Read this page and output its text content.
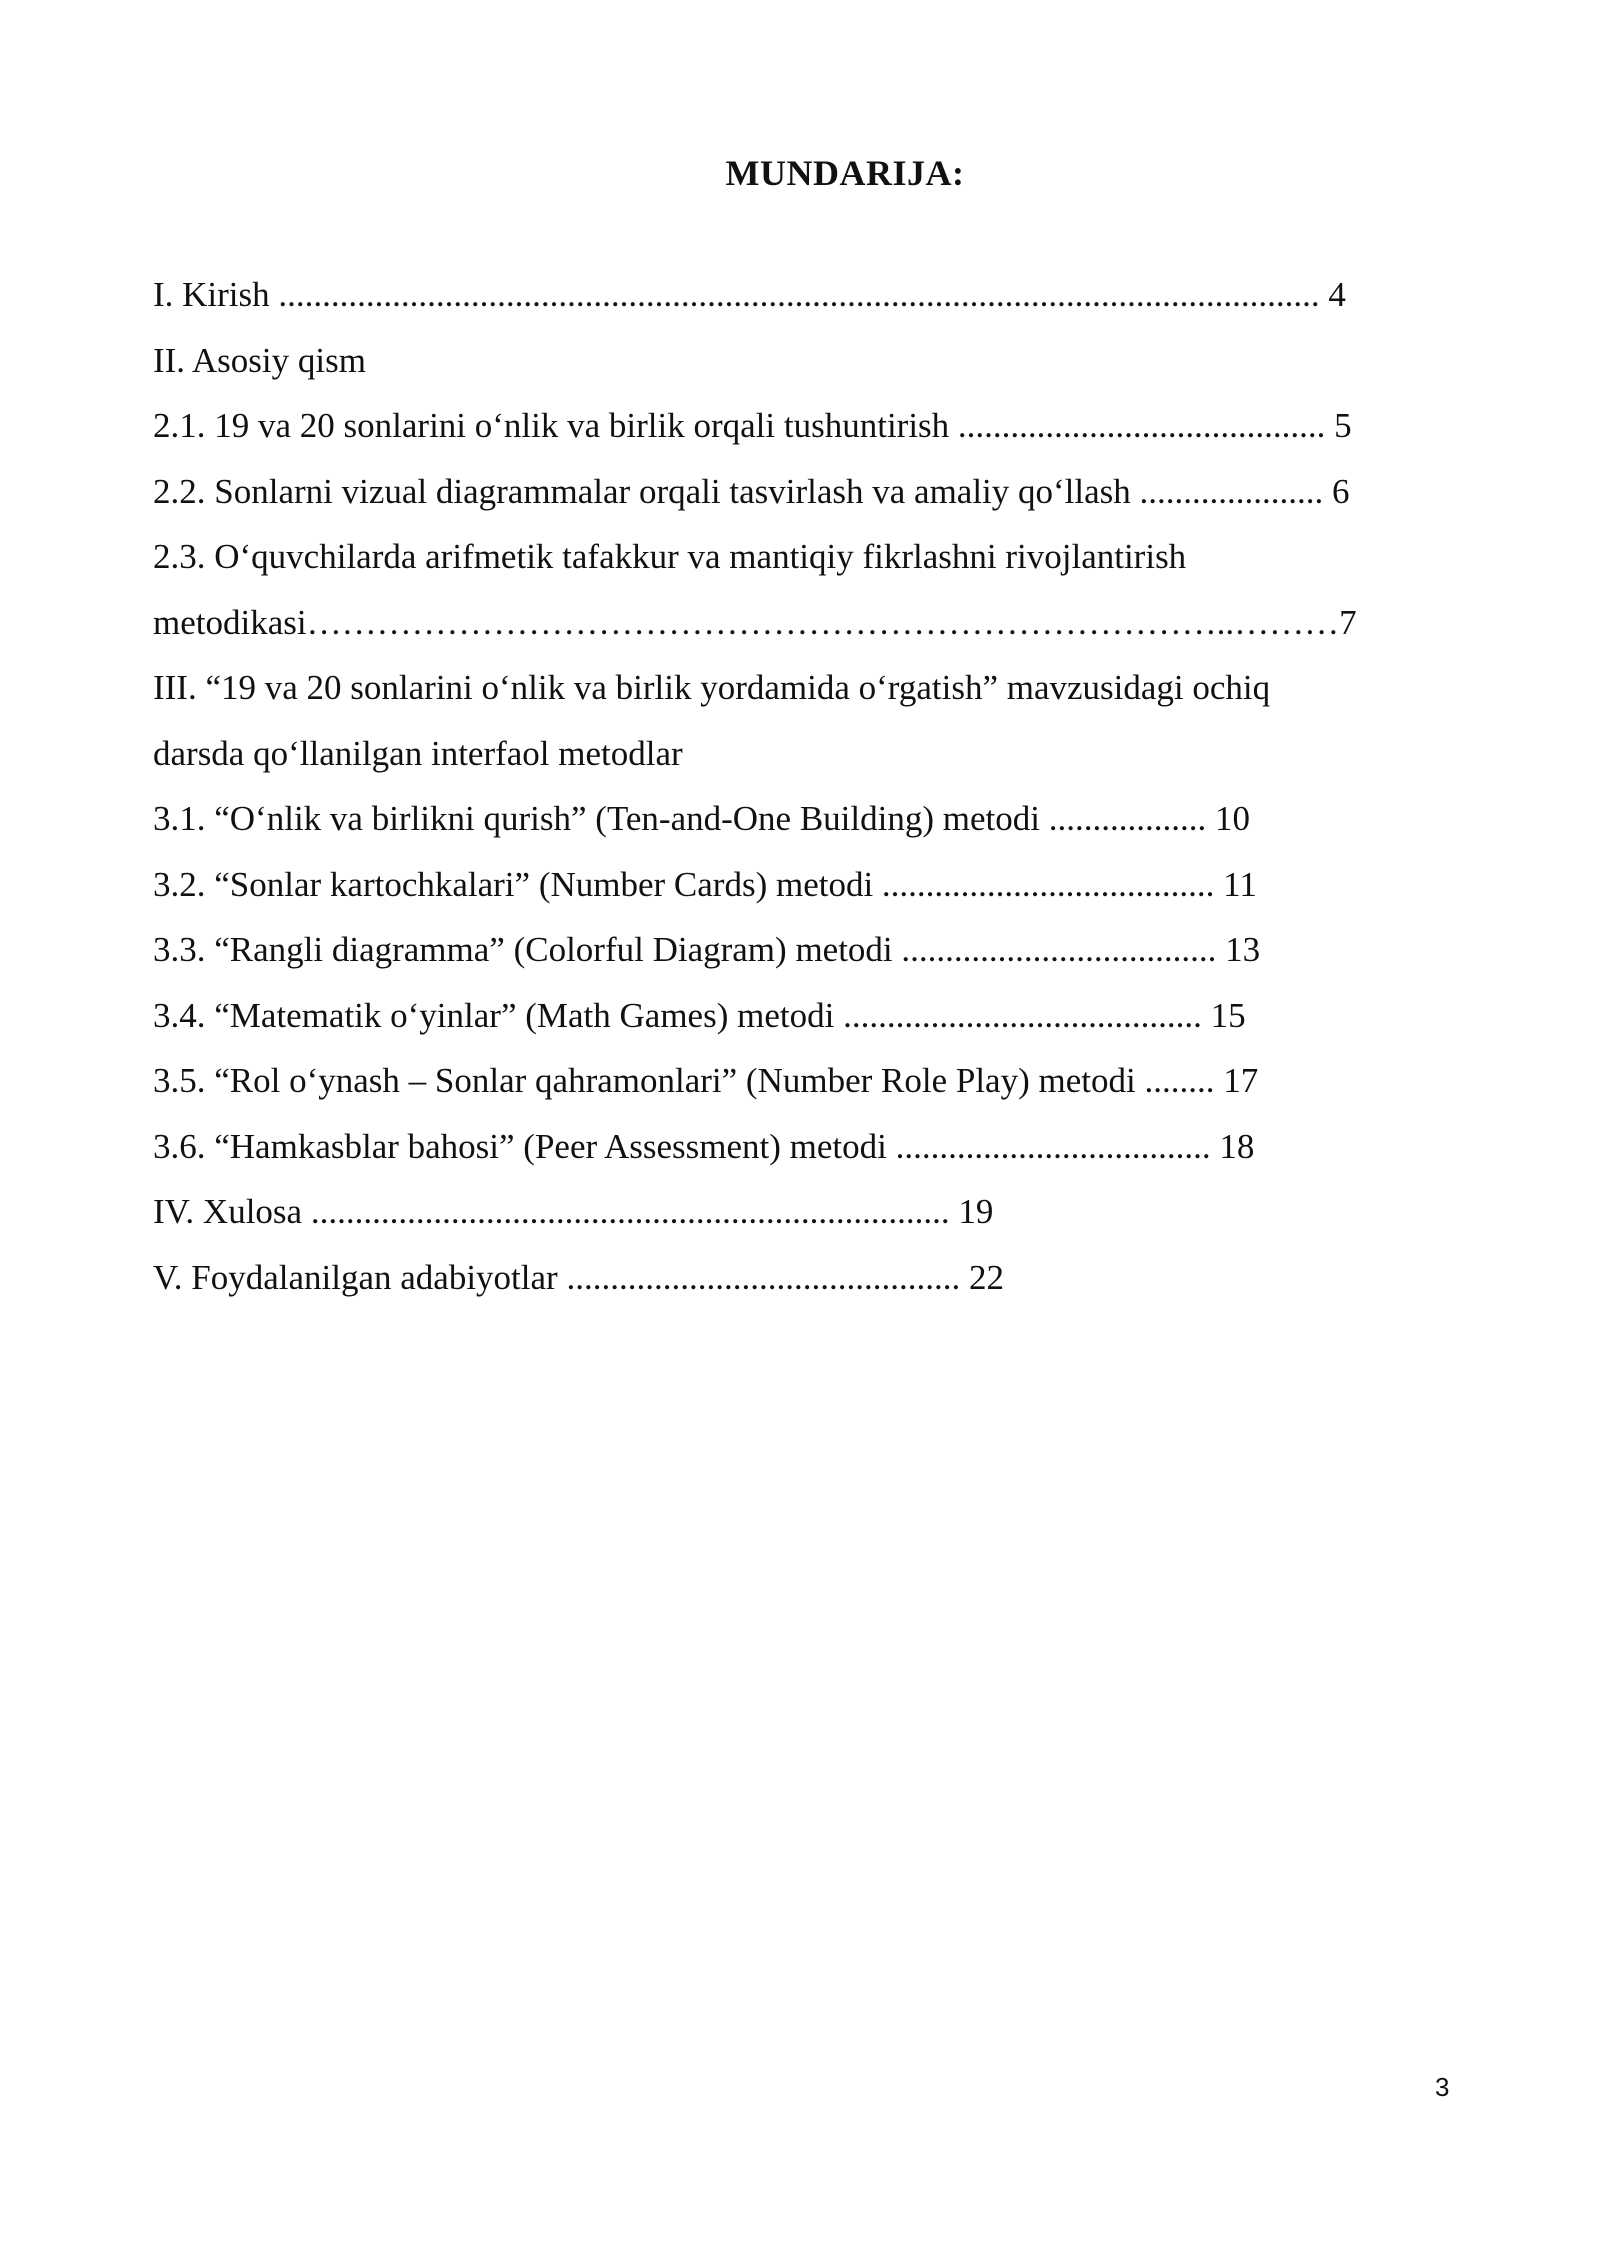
MUNDARIJA:
I. Kirish ....................................................................................................................... 4
II. Asosiy qism
2.1. 19 va 20 sonlarini o‘nlik va birlik orqali tushuntirish .......................................... 5
2.2. Sonlarni vizual diagrammalar orqali tasvirlash va amaliy qo‘llash ..................... 6
2.3. O‘quvchilarda arifmetik tafakkur va mantiqiy fikrlashni rivojlantirish
metodikasi……………………………………………………………………..………7
III. “19 va 20 sonlarini o‘nlik va birlik yordamida o‘rgatish” mavzusidagi ochiq
darsda qo‘llanilgan interfaol metodlar
3.1. “O‘nlik va birlikni qurish” (Ten-and-One Building) metodi .................. 10
3.2. “Sonlar kartochkalari” (Number Cards) metodi ...................................... 11
3.3. “Rangli diagramma” (Colorful Diagram) metodi .................................... 13
3.4. “Matematik o‘yinlar” (Math Games) metodi ......................................... 15
3.5. “Rol o‘ynash – Sonlar qahramonlari” (Number Role Play) metodi ........ 17
3.6. “Hamkasblar bahosi” (Peer Assessment) metodi .................................... 18
IV. Xulosa ......................................................................... 19
V. Foydalanilgan adabiyotlar ............................................. 22
3
